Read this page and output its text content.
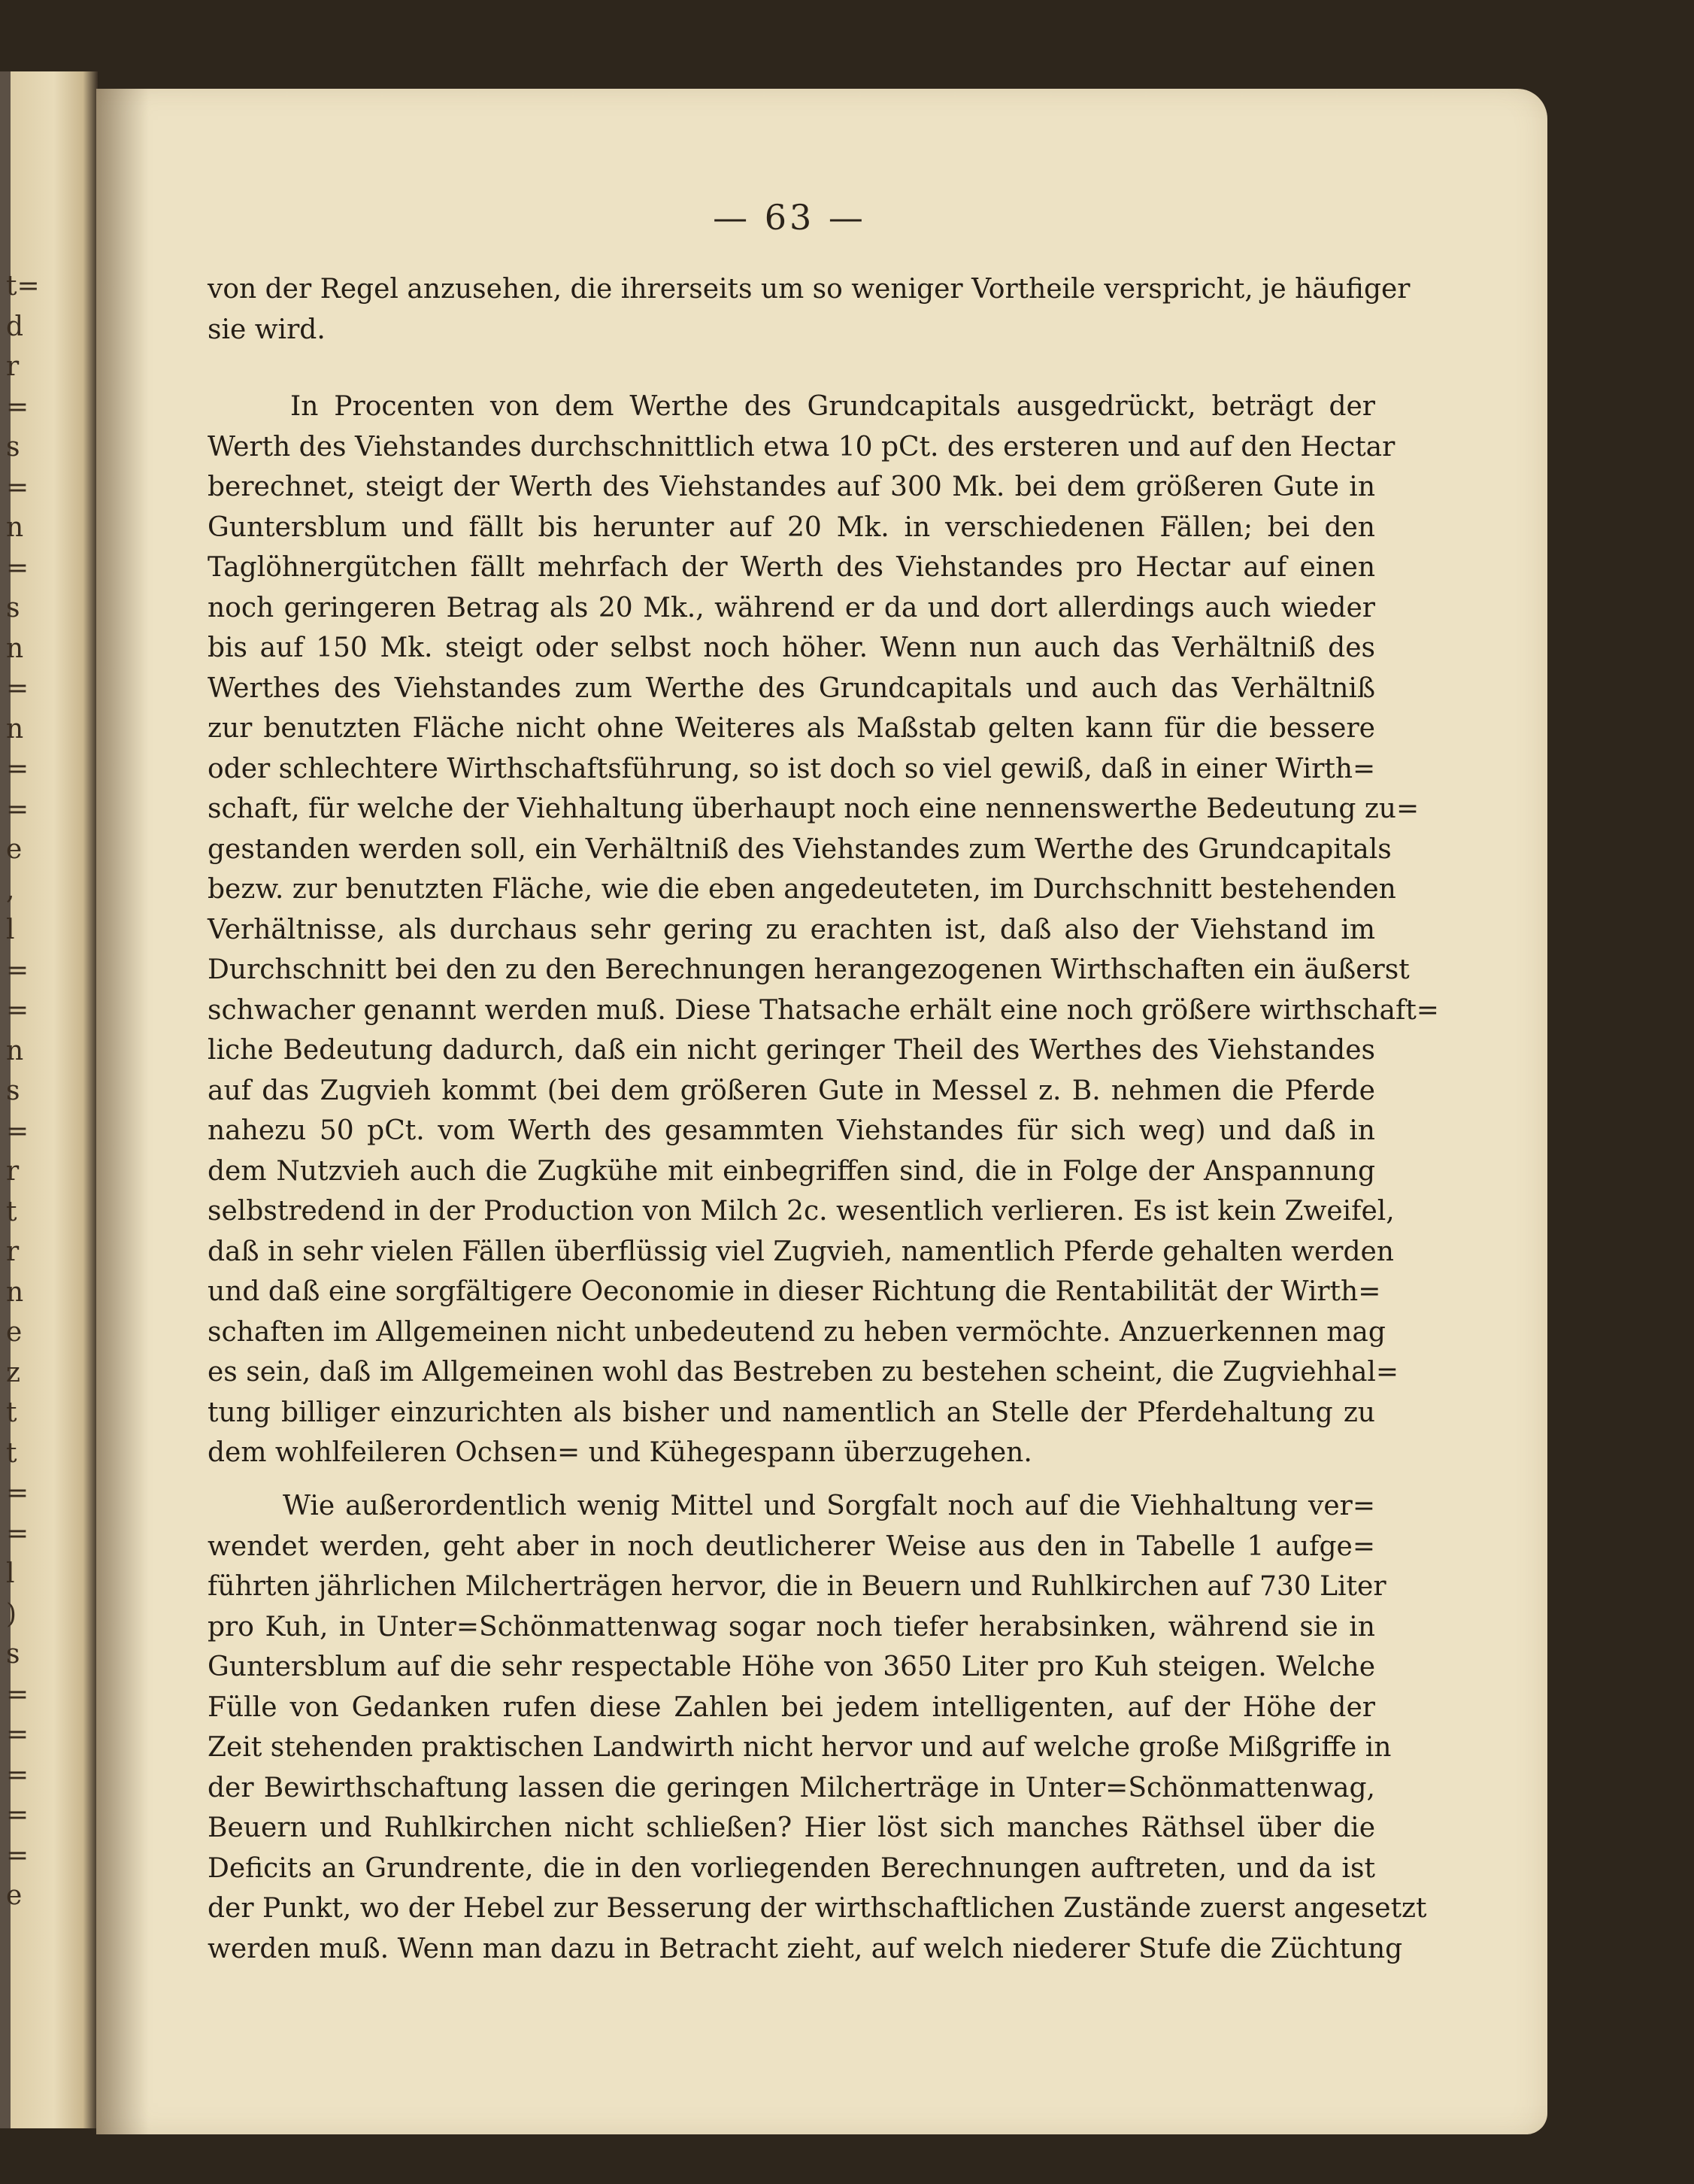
t=
d
r
=
s
=
n
=
s
n
=
n
=
=
e
,
l
=
=
n
s
=
r
t
r
n
e
z
t
t
=
=
l
)
s
=
=
=
=
=
e
— 63 —
von der Regel anzusehen, die ihrerseits um so weniger Vortheile verspricht, je häufiger
sie wird.
In Procenten von dem Werthe des Grundcapitals ausgedrückt, beträgt der
Werth des Viehstandes durchschnittlich etwa 10 pCt. des ersteren und auf den Hectar
berechnet, steigt der Werth des Viehstandes auf 300 Mk. bei dem größeren Gute in
Guntersblum und fällt bis herunter auf 20 Mk. in verschiedenen Fällen; bei den
Taglöhnergütchen fällt mehrfach der Werth des Viehstandes pro Hectar auf einen
noch geringeren Betrag als 20 Mk., während er da und dort allerdings auch wieder
bis auf 150 Mk. steigt oder selbst noch höher. Wenn nun auch das Verhältniß des
Werthes des Viehstandes zum Werthe des Grundcapitals und auch das Verhältniß
zur benutzten Fläche nicht ohne Weiteres als Maßstab gelten kann für die bessere
oder schlechtere Wirthschaftsführung, so ist doch so viel gewiß, daß in einer Wirth=
schaft, für welche der Viehhaltung überhaupt noch eine nennenswerthe Bedeutung zu=
gestanden werden soll, ein Verhältniß des Viehstandes zum Werthe des Grundcapitals
bezw. zur benutzten Fläche, wie die eben angedeuteten, im Durchschnitt bestehenden
Verhältnisse, als durchaus sehr gering zu erachten ist, daß also der Viehstand im
Durchschnitt bei den zu den Berechnungen herangezogenen Wirthschaften ein äußerst
schwacher genannt werden muß. Diese Thatsache erhält eine noch größere wirthschaft=
liche Bedeutung dadurch, daß ein nicht geringer Theil des Werthes des Viehstandes
auf das Zugvieh kommt (bei dem größeren Gute in Messel z. B. nehmen die Pferde
nahezu 50 pCt. vom Werth des gesammten Viehstandes für sich weg) und daß in
dem Nutzvieh auch die Zugkühe mit einbegriffen sind, die in Folge der Anspannung
selbstredend in der Production von Milch 2c. wesentlich verlieren. Es ist kein Zweifel,
daß in sehr vielen Fällen überflüssig viel Zugvieh, namentlich Pferde gehalten werden
und daß eine sorgfältigere Oeconomie in dieser Richtung die Rentabilität der Wirth=
schaften im Allgemeinen nicht unbedeutend zu heben vermöchte. Anzuerkennen mag
es sein, daß im Allgemeinen wohl das Bestreben zu bestehen scheint, die Zugviehhal=
tung billiger einzurichten als bisher und namentlich an Stelle der Pferdehaltung zu
dem wohlfeileren Ochsen= und Kühegespann überzugehen.
Wie außerordentlich wenig Mittel und Sorgfalt noch auf die Viehhaltung ver=
wendet werden, geht aber in noch deutlicherer Weise aus den in Tabelle 1 aufge=
führten jährlichen Milcherträgen hervor, die in Beuern und Ruhlkirchen auf 730 Liter
pro Kuh, in Unter=Schönmattenwag sogar noch tiefer herabsinken, während sie in
Guntersblum auf die sehr respectable Höhe von 3650 Liter pro Kuh steigen. Welche
Fülle von Gedanken rufen diese Zahlen bei jedem intelligenten, auf der Höhe der
Zeit stehenden praktischen Landwirth nicht hervor und auf welche große Mißgriffe in
der Bewirthschaftung lassen die geringen Milcherträge in Unter=Schönmattenwag,
Beuern und Ruhlkirchen nicht schließen? Hier löst sich manches Räthsel über die
Deficits an Grundrente, die in den vorliegenden Berechnungen auftreten, und da ist
der Punkt, wo der Hebel zur Besserung der wirthschaftlichen Zustände zuerst angesetzt
werden muß. Wenn man dazu in Betracht zieht, auf welch niederer Stufe die Züchtung
